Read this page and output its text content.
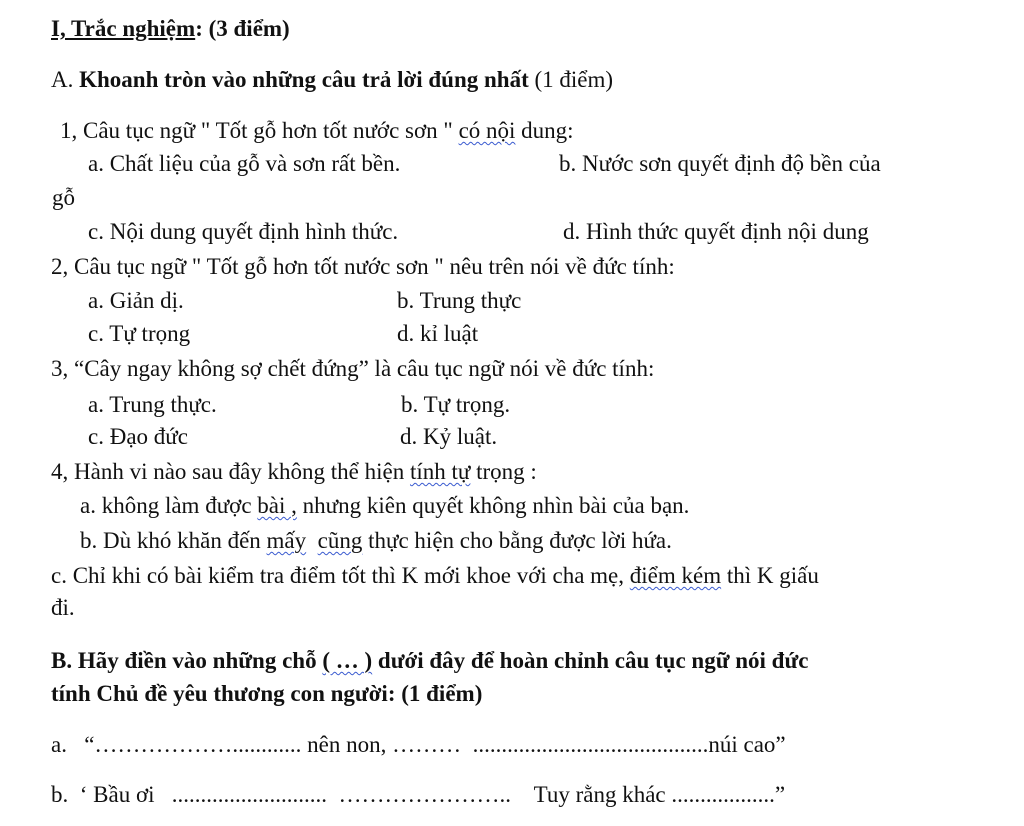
I, Trắc nghiệm: (3 điểm)
A. Khoanh tròn vào những câu trả lời đúng nhất (1 điểm)
1, Câu tục ngữ " Tốt gỗ hơn tốt nước sơn " có nội dung:
a. Chất liệu của gỗ và sơn rất bền.	b. Nước sơn quyết định độ bền của
gỗ
c. Nội dung quyết định hình thức.	d. Hình thức quyết định nội dung
2, Câu tục ngữ " Tốt gỗ hơn tốt nước sơn " nêu trên nói về đức tính:
a. Giản dị.	b. Trung thực
c. Tự trọng	d. kỉ luật
3, “Cây ngay không sợ chết đứng” là câu tục ngữ nói về đức tính:
a. Trung thực.	b. Tự trọng.
c. Đạo đức	d. Kỷ luật.
4, Hành vi nào sau đây không thể hiện tính tự trọng :
a. không làm được bài , nhưng kiên quyết không nhìn bài của bạn.
b. Dù khó khăn đến mấy cũng thực hiện cho bằng được lời hứa.
c. Chỉ khi có bài kiểm tra điểm tốt thì K mới khoe với cha mẹ, điểm kém thì K giấu
đi.
B. Hãy điền vào những chỗ ( … ) dưới đây để hoàn chỉnh câu tục ngữ nói đức
tính Chủ đề yêu thương con người: (1 điểm)
a.   “………………............ nên non, ………  .........................................núi cao”
b.  ‘ Bầu ơi   ...........................  …………………..    Tuy rằng khác ..................”
